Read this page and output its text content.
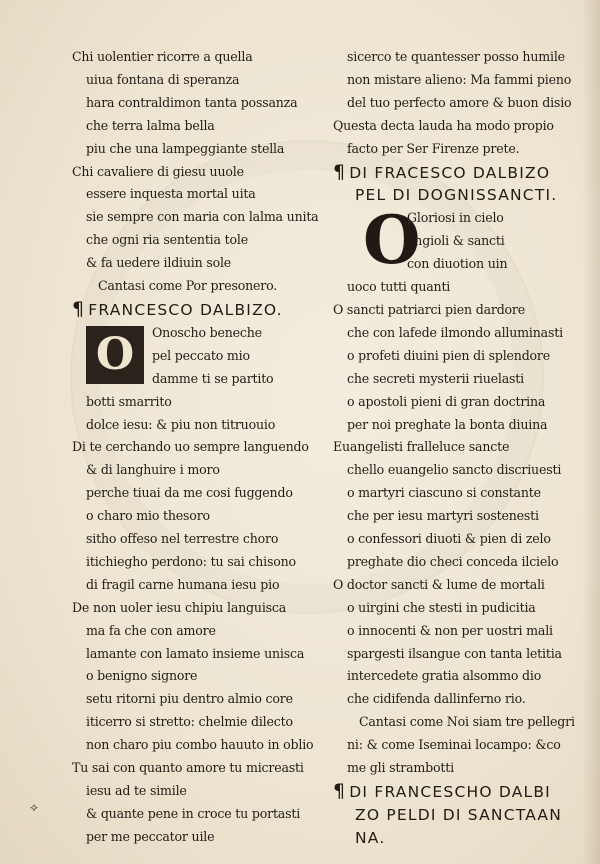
Chi uolentier ricorre a quella
uiua fontana di speranza
hara contraldimon tanta possanza
che terra lalma bella
piu che una lampeggiante stella
Chi cavaliere di giesu uuole
essere inquesta mortal uita
sie sempre con maria con lalma unita
che ogni ria sententia tole
& fa uedere ildiuin sole
Cantasi come Por presonero.
¶ FRANCESCO DALBIZO.
O	Onoscho beneche
pel peccato mio
damme ti se partito
botti smarrito
dolce iesu: & piu non titruouio
Di te cerchando uo sempre languendo
& di langhuire i moro
perche tiuai da me cosi fuggendo
o charo mio thesoro
sitho offeso nel terrestre choro
itichiegho perdono: tu sai chisono
di fragil carne humana iesu pio
De non uoler iesu chipiu languisca
ma fa che con amore
lamante con lamato insieme unisca
o benigno signore
setu ritorni piu dentro almio core
iticerro si stretto: chelmie dilecto
non charo piu combo hauuto in oblio
Tu sai con quanto amore tu micreasti
iesu ad te simile
& quante pene in croce tu portasti
per me peccator uile
sicerco te quantesser posso humile
non mistare alieno: Ma fammi pieno
del tuo perfecto amore & buon disio
Questa decta lauda ha modo propio
facto per Ser Firenze prete.
¶ DI FRACESCO DALBIZO
PEL DI DOGNISSANCTI.
O
Gloriosi in cielo
angioli & sancti
con diuotion uin
uoco tutti quanti
O sancti patriarci pien dardore
che con lafede ilmondo alluminasti
o profeti diuini pien di splendore
che secreti mysterii riuelasti
o apostoli pieni di gran doctrina
per noi preghate la bonta diuina
Euangelisti fralleluce sancte
chello euangelio sancto discriuesti
o martyri ciascuno si constante
che per iesu martyri sostenesti
o confessori diuoti & pien di zelo
preghate dio checi conceda ilcielo
O doctor sancti & lume de mortali
o uirgini che stesti in pudicitia
o innocenti & non per uostri mali
spargesti ilsangue con tanta letitia
intercedete gratia alsommo dio
che cidifenda dallinferno rio.
Cantasi come Noi siam tre pellegri
ni: & come Iseminai locampo: &co
me gli strambotti
¶ DI FRANCESCHO DALBI
ZO PELDI DI SANCTAAN
NA.
⟡
